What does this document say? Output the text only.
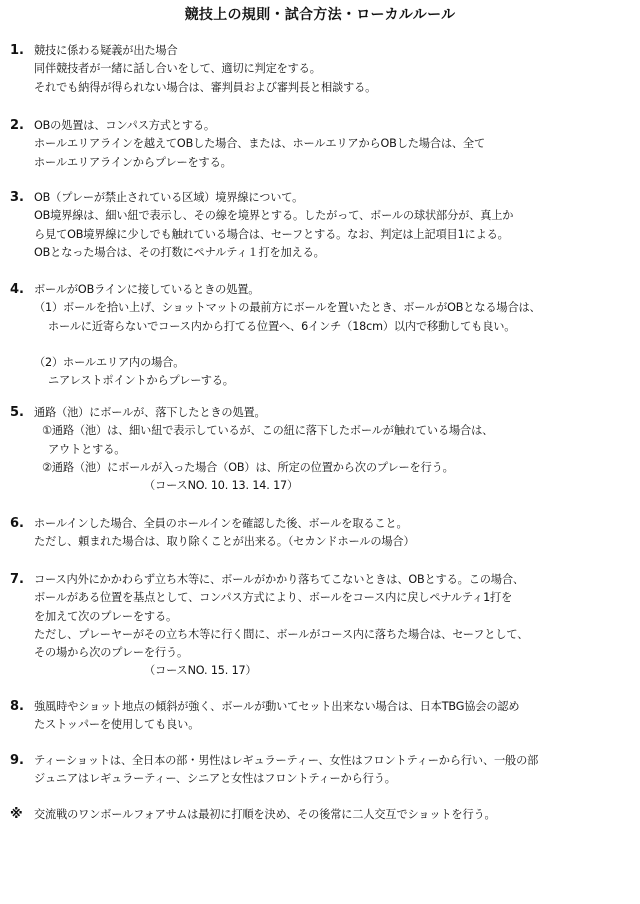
競技上の規則・試合方法・ローカルルール
1. 競技に係わる疑義が出た場合
同伴競技者が一緒に話し合いをして、適切に判定をする。
それでも納得が得られない場合は、審判員および審判長と相談する。
2. OBの処置は、コンパス方式とする。
ホールエリアラインを越えてOBした場合、または、ホールエリアからOBした場合は、全て
ホールエリアラインからプレーをする。
3. OB（プレーが禁止されている区域）境界線について。
OB境界線は、細い紐で表示し、その線を境界とする。したがって、ボールの球状部分が、真上か
ら見てOB境界線に少しでも触れている場合は、セーフとする。なお、判定は上記項目1による。
OBとなった場合は、その打数にペナルティ１打を加える。
4. ボールがOBラインに接しているときの処置。
（1）ボールを拾い上げ、ショットマットの最前方にボールを置いたとき、ボールがOBとなる場合は、
ホールに近寄らないでコース内から打てる位置へ、6インチ（18cm）以内で移動しても良い。
（2）ホールエリア内の場合。
ニアレストポイントからプレーする。
5. 通路（池）にボールが、落下したときの処置。
①通路（池）は、細い紐で表示しているが、この紐に落下したボールが触れている場合は、
アウトとする。
②通路（池）にボールが入った場合（OB）は、所定の位置から次のプレーを行う。
（コースNO. 10. 13. 14. 17）
6. ホールインした場合、全員のホールインを確認した後、ボールを取ること。
ただし、頼まれた場合は、取り除くことが出来る。（セカンドホールの場合）
7. コース内外にかかわらず立ち木等に、ボールがかかり落ちてこないときは、OBとする。この場合、
ボールがある位置を基点として、コンパス方式により、ボールをコース内に戻しペナルティ1打を
を加えて次のプレーをする。
ただし、プレーヤーがその立ち木等に行く間に、ボールがコース内に落ちた場合は、セーフとして、
その場から次のプレーを行う。
（コースNO. 15. 17）
8. 強風時やショット地点の傾斜が強く、ボールが動いてセット出来ない場合は、日本TBG協会の認め
たストッパーを使用しても良い。
9. ティーショットは、全日本の部・男性はレギュラーティー、女性はフロントティーから行い、一般の部
ジュニアはレギュラーティー、シニアと女性はフロントティーから行う。
※ 交流戦のワンボールフォアサムは最初に打順を決め、その後常に二人交互でショットを行う。
